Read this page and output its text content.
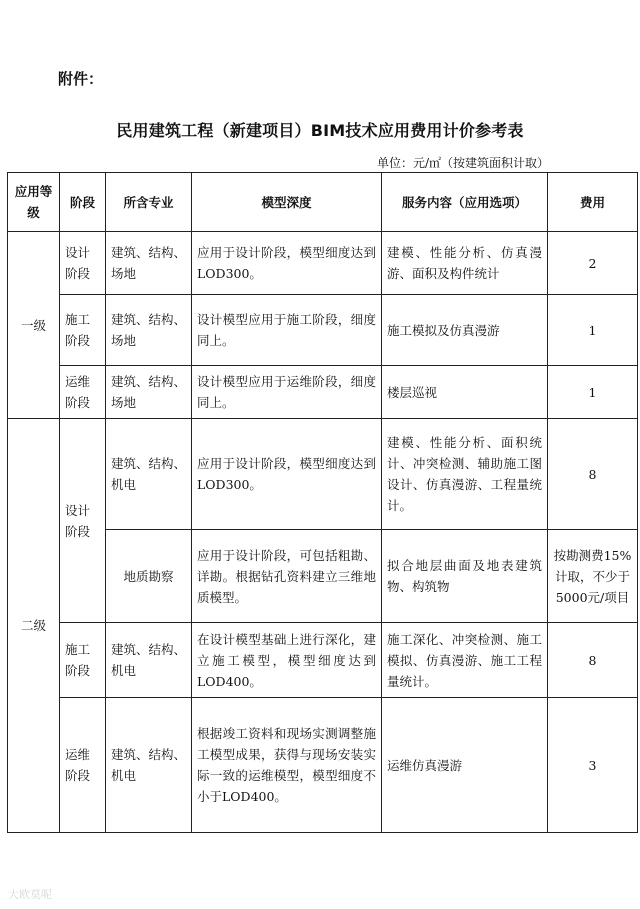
附件：
民用建筑工程（新建项目）BIM技术应用费用计价参考表
单位：元/㎡（按建筑面积计取）
应用等级	阶段	所含专业	模型深度	服务内容（应用选项）	费用
一级	设计阶段	建筑、结构、场地	应用于设计阶段，模型细度达到LOD300。	建模、性能分析、仿真漫游、面积及构件统计	2
	施工阶段	建筑、结构、场地	设计模型应用于施工阶段，细度同上。	施工模拟及仿真漫游	1
	运维阶段	建筑、结构、场地	设计模型应用于运维阶段，细度同上。	楼层巡视	1
二级	设计阶段	建筑、结构、机电	应用于设计阶段，模型细度达到LOD300。	建模、性能分析、面积统计、冲突检测、辅助施工图设计、仿真漫游、工程量统计。	8
		地质勘察	应用于设计阶段，可包括粗勘、详勘。根据钻孔资料建立三维地质模型。	拟合地层曲面及地表建筑物、构筑物	按勘测费15%计取，不少于5000元/项目
	施工阶段	建筑、结构、机电	在设计模型基础上进行深化，建立施工模型，模型细度达到LOD400。	施工深化、冲突检测、施工模拟、仿真漫游、施工工程量统计。	8
	运维阶段	建筑、结构、机电	根据竣工资料和现场实测调整施工模型成果，获得与现场安装实际一致的运维模型，模型细度不小于LOD400。	运维仿真漫游	3
大欧莫呢
